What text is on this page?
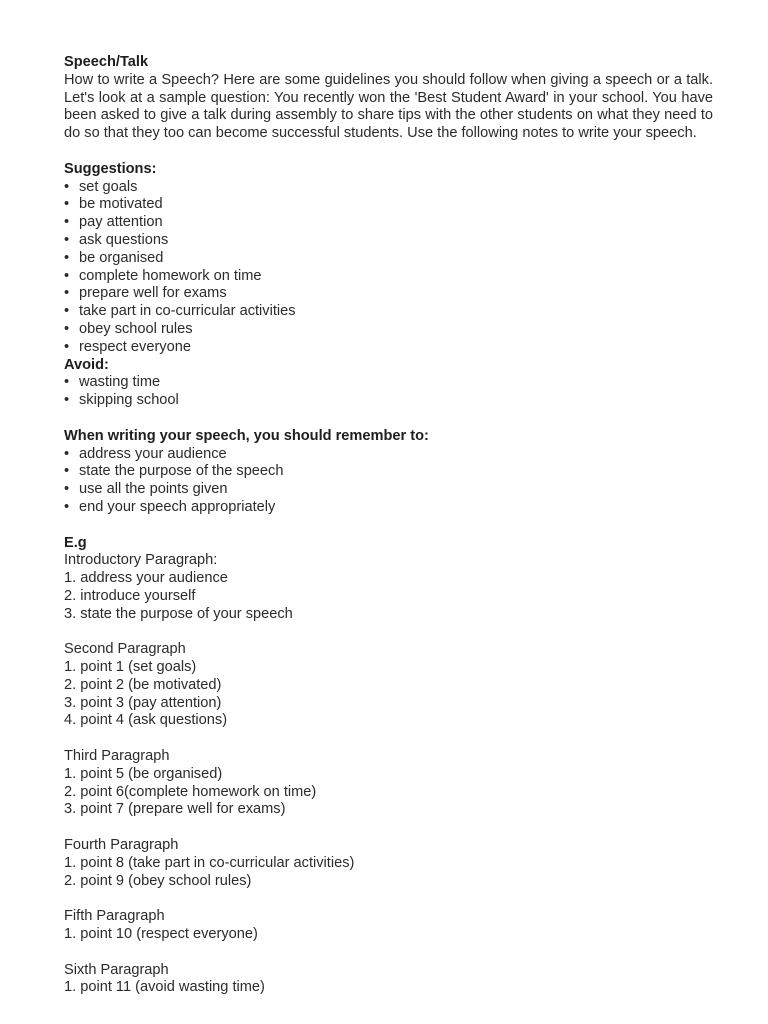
Speech/Talk

How to write a Speech? Here are some guidelines you should follow when giving a speech or a talk. Let's look at a sample question: You recently won the 'Best Student Award' in your school. You have been asked to give a talk during assembly to share tips with the other students on what they need to do so that they too can become successful students. Use the following notes to write your speech.

Suggestions:
• set goals
• be motivated
• pay attention
• ask questions
• be organised
• complete homework on time
• prepare well for exams
• take part in co-curricular activities
• obey school rules
• respect everyone
Avoid:
• wasting time
• skipping school
When writing your speech, you should remember to:
• address your audience
• state the purpose of the speech
• use all the points given
• end your speech appropriately
E.g
Introductory Paragraph:
1. address your audience
2. introduce yourself
3. state the purpose of your speech
Second Paragraph
1. point 1 (set goals)
2. point 2 (be motivated)
3. point 3 (pay attention)
4. point 4 (ask questions)
Third Paragraph
1. point 5 (be organised)
2. point 6(complete homework on time)
3. point 7 (prepare well for exams)
Fourth Paragraph
1. point 8 (take part in co-curricular activities)
2. point 9 (obey school rules)
Fifth Paragraph
1. point 10 (respect everyone)
Sixth Paragraph
1. point 11 (avoid wasting time)
